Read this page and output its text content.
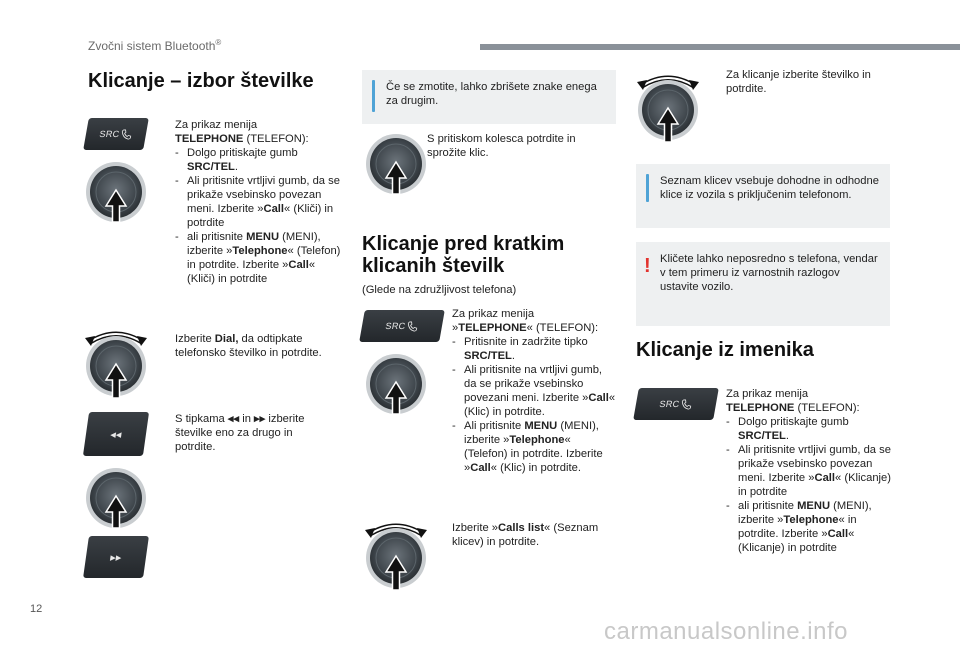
Zvočni sistem Bluetooth®
Klicanje – izbor številke
SRC

Za prikaz menija
TELEPHONE (TELEFON):

- Dolgo pritiskajte gumb SRC/TEL.
- Ali pritisnite vrtljivi gumb, da se prikaže vsebinsko povezan meni. Izberite »Call« (Kliči) in potrdite
- ali pritisnite MENU (MENI), izberite »Telephone« (Telefon) in potrdite. Izberite »Call« (Kliči) in potrdite
Izberite Dial, da odtipkate telefonsko številko in potrdite.
◂◂
S tipkama ◂◂ in ▸▸ izberite številke eno za drugo in potrdite.
▸▸
Če se zmotite, lahko zbrišete znake enega za drugim.
S pritiskom kolesca potrdite in sprožite klic.
Klicanje pred kratkim
klicanih številk
(Glede na združljivost telefona)
SRC

Za prikaz menija
»TELEPHONE« (TELEFON):

- Pritisnite in zadržite tipko SRC/TEL.
- Ali pritisnite na vrtljivi gumb, da se prikaže vsebinsko povezani meni. Izberite »Call« (Klic) in potrdite.
- Ali pritisnite MENU (MENI), izberite »Telephone« (Telefon) in potrdite. Izberite »Call« (Klic) in potrdite.
Izberite »Calls list« (Seznam klicev) in potrdite.
Za klicanje izberite številko in potrdite.
Seznam klicev vsebuje dohodne in odhodne klice iz vozila s priključenim telefonom.
! Kličete lahko neposredno s telefona, vendar v tem primeru iz varnostnih razlogov ustavite vozilo.
Klicanje iz imenika
SRC

Za prikaz menija
TELEPHONE (TELEFON):

- Dolgo pritiskajte gumb SRC/TEL.
- Ali pritisnite vrtljivi gumb, da se prikaže vsebinsko povezan meni. Izberite »Call« (Klicanje) in potrdite
- ali pritisnite MENU (MENI), izberite »Telephone« in potrdite. Izberite »Call« (Klicanje) in potrdite
12
carmanualsonline.info
